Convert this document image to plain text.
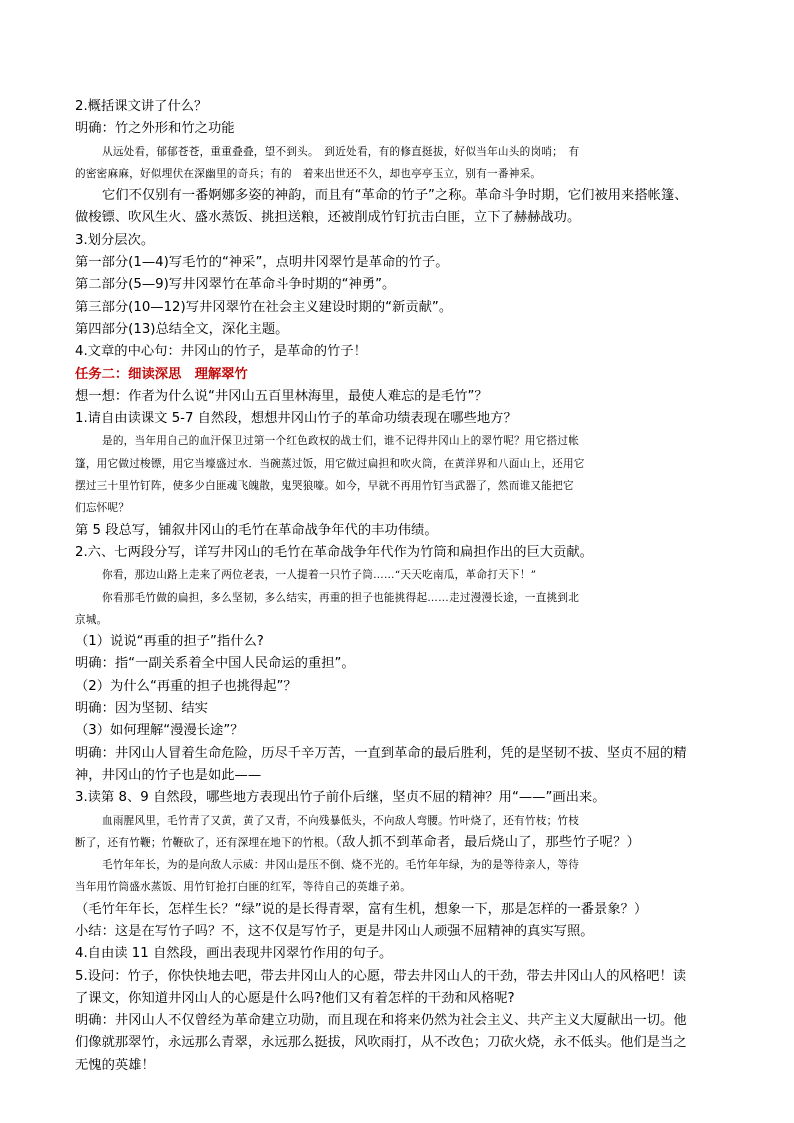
2.概括课文讲了什么？
明确：竹之外形和竹之功能
从远处看，郁郁苍苍，重重叠叠，望不到头。　到近处看，有的修直挺拔，好似当年山头的岗哨；　有
的密密麻麻，好似埋伏在深幽里的奇兵；有的　着来出世还不久，却也亭亭玉立，别有一番神采。
它们不仅别有一番婀娜多姿的神韵，而且有“革命的竹子”之称。革命斗争时期，它们被用来搭帐篷、
做梭镖、吹风生火、盛水蒸饭、挑担送粮，还被削成竹钉抗击白匪，立下了赫赫战功。
3.划分层次。
第一部分(1—4)写毛竹的“神采”，点明井冈翠竹是革命的竹子。
第二部分(5—9)写井冈翠竹在革命斗争时期的“神勇”。
第三部分(10—12)写井冈翠竹在社会主义建设时期的“新贡献”。
第四部分(13)总结全文，深化主题。
4.文章的中心句：井冈山的竹子，是革命的竹子！
任务二：细读深思　理解翠竹
想一想：作者为什么说“井冈山五百里林海里，最使人难忘的是毛竹”？
1.请自由读课文 5-7 自然段，想想井冈山竹子的革命功绩表现在哪些地方？
是的，当年用自己的血汗保卫过第一个红色政权的战士们，谁不记得井冈山上的翠竹呢？用它搭过帐
篷，用它做过梭镖，用它当壕盛过水．当碗蒸过饭，用它做过扁担和吹火筒，在黄洋界和八面山上，还用它
摆过三十里竹钉阵，使多少白匪魂飞魄散，鬼哭狼嚎。如今，早就不再用竹钉当武器了，然而谁又能把它
们忘怀呢？
第 5 段总写，铺叙井冈山的毛竹在革命战争年代的丰功伟绩。
2.六、七两段分写，详写井冈山的毛竹在革命战争年代作为竹筒和扁担作出的巨大贡献。
你看，那边山路上走来了两位老表，一人提着一只竹子筒……“天天吃南瓜，革命打天下！”
你看那毛竹做的扁担，多么坚韧，多么结实，再重的担子也能挑得起……走过漫漫长途，一直挑到北
京城。
（1）说说“再重的担子”指什么?
明确：指“一副关系着全中国人民命运的重担”。
（2）为什么“再重的担子也挑得起”？
明确：因为坚韧、结实
（3）如何理解“漫漫长途”？
明确：井冈山人冒着生命危险，历尽千辛万苦，一直到革命的最后胜利，凭的是坚韧不拔、坚贞不屈的精
神，井冈山的竹子也是如此——
3.读第 8、9 自然段，哪些地方表现出竹子前仆后继，坚贞不屈的精神？用“——”画出来。
血雨腥风里，毛竹青了又黄，黄了又青，不向残暴低头，不向敌人弯腰。竹叶烧了，还有竹枝；竹枝
断了，还有竹鞭；竹鞭砍了，还有深埋在地下的竹根。（敌人抓不到革命者，最后烧山了，那些竹子呢？）
毛竹年年长，为的是向敌人示威：井冈山是压不倒、烧不光的。毛竹年年绿，为的是等待亲人，等待
当年用竹筒盛水蒸饭、用竹钉抢打白匪的红军，等待自己的英雄子弟。
（毛竹年年长，怎样生长？“绿”说的是长得青翠，富有生机，想象一下，那是怎样的一番景象？）
小结：这是在写竹子吗？不，这不仅是写竹子，更是井冈山人顽强不屈精神的真实写照。
4.自由读 11 自然段，画出表现井冈翠竹作用的句子。
5.设问：竹子，你快快地去吧，带去井冈山人的心愿，带去井冈山人的干劲，带去井冈山人的风格吧！读
了课文，你知道井冈山人的心愿是什么吗?他们又有着怎样的干劲和风格呢?
明确：井冈山人不仅曾经为革命建立功勋，而且现在和将来仍然为社会主义、共产主义大厦献出一切。他
们像就那翠竹，永远那么青翠，永远那么挺拔，风吹雨打，从不改色；刀砍火烧，永不低头。他们是当之
无愧的英雄！
